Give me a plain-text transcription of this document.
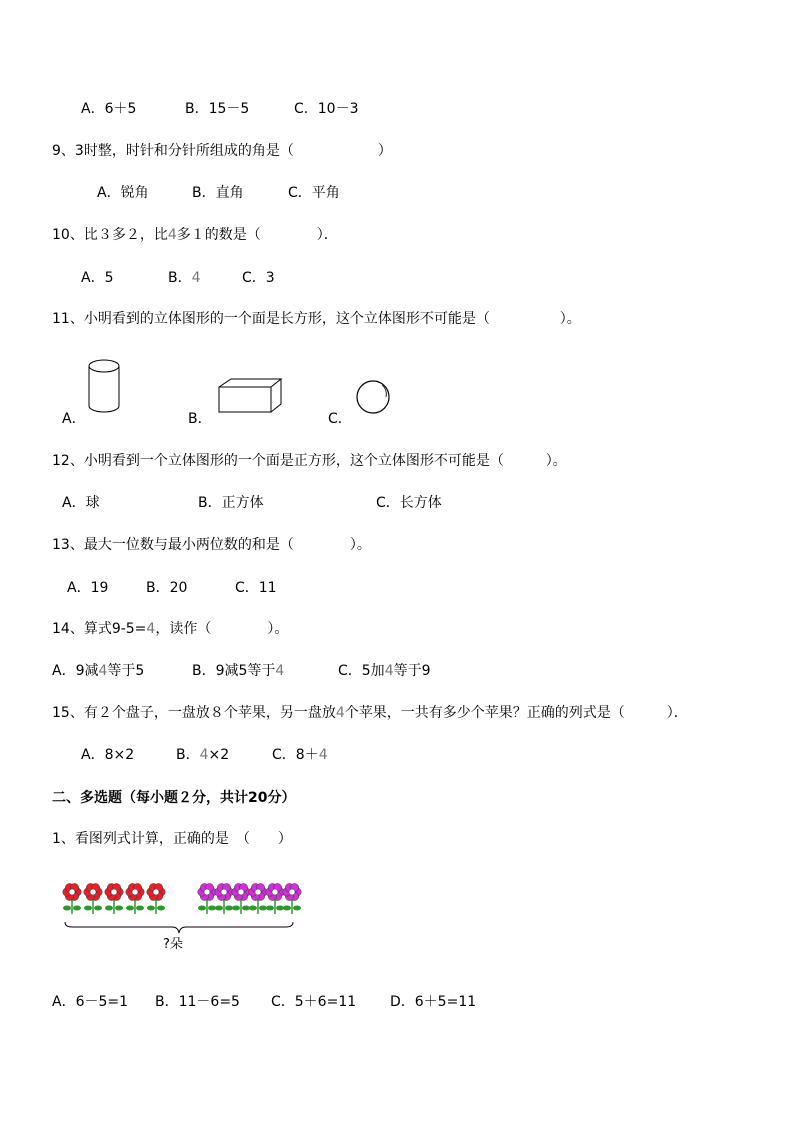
A．6＋5	B．15－5	C．10－3
9、3时整，时针和分针所组成的角是（　　　　　　）
A．锐角	B．直角	C．平角
10、比３多２，比4多１的数是（　　　　）．
A．5	B．4	C．3
11、小明看到的立体图形的一个面是长方形，这个立体图形不可能是（　　　　　）。
A．	B．	C．
12、小明看到一个立体图形的一个面是正方形，这个立体图形不可能是（　　　）。
A．球	B．正方体	C．长方体
13、最大一位数与最小两位数的和是（　　　　）。
A．19	B．20	C．11
14、算式9-5=4，读作（　　　　）。
A．9减4等于5	B．9减5等于4	C．5加4等于9
15、有２个盘子，一盘放８个苹果，另一盘放4个苹果，一共有多少个苹果？正确的列式是（　　　）．
A．8×2	B．4×2	C．8＋4
二、多选题（每小题２分，共计20分）
1、看图列式计算，正确的是　（　　）
?朵
A．6－5=1 B．11－6=5 C．5＋6=11 D．6＋5=11
